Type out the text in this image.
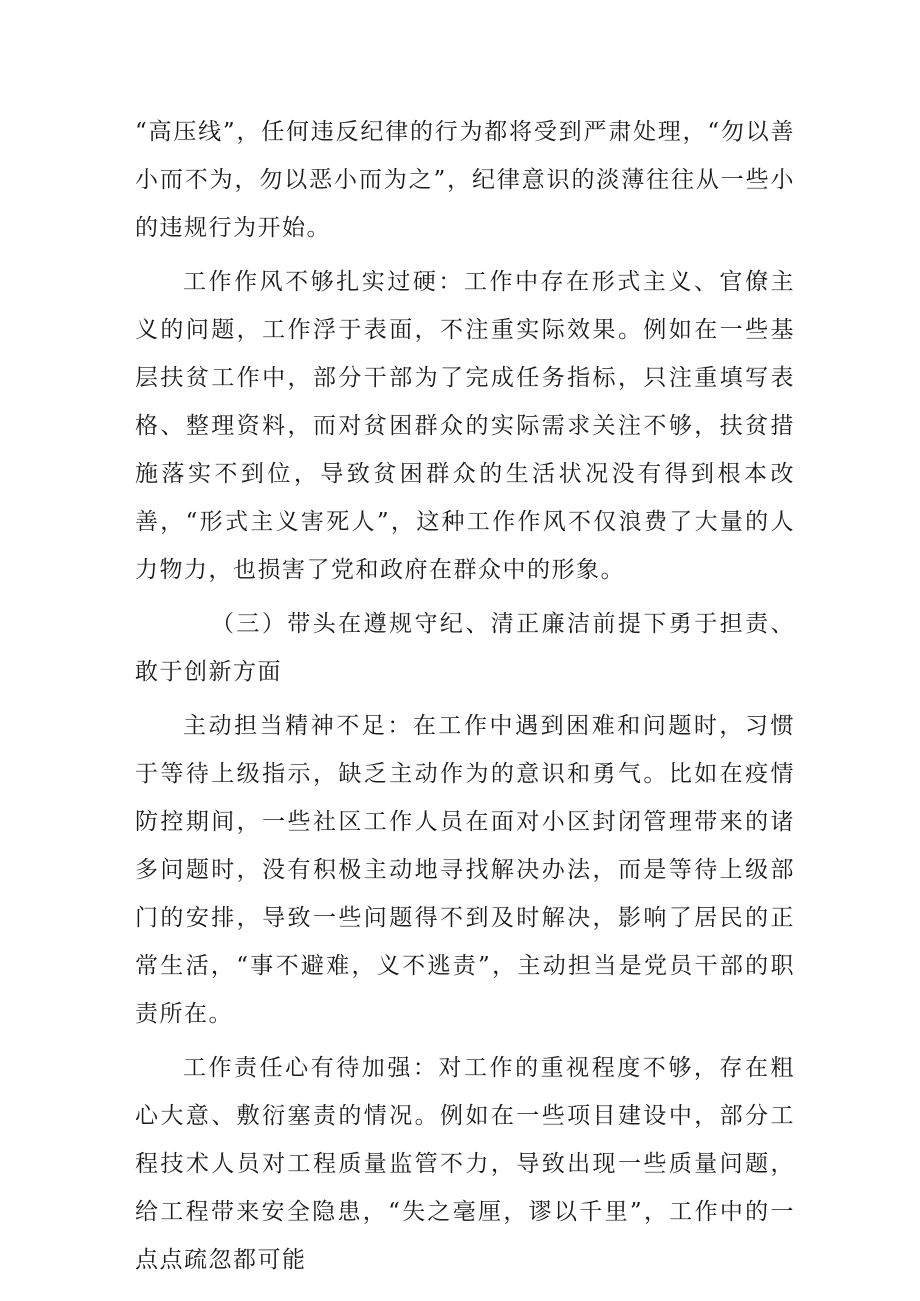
“高压线”，任何违反纪律的行为都将受到严肃处理，“勿以善小而不为，勿以恶小而为之”，纪律意识的淡薄往往从一些小的违规行为开始。

工作作风不够扎实过硬：工作中存在形式主义、官僚主义的问题，工作浮于表面，不注重实际效果。例如在一些基层扶贫工作中，部分干部为了完成任务指标，只注重填写表格、整理资料，而对贫困群众的实际需求关注不够，扶贫措施落实不到位，导致贫困群众的生活状况没有得到根本改善，“形式主义害死人”，这种工作作风不仅浪费了大量的人力物力，也损害了党和政府在群众中的形象。

（三）带头在遵规守纪、清正廉洁前提下勇于担责、敢于创新方面

主动担当精神不足：在工作中遇到困难和问题时，习惯于等待上级指示，缺乏主动作为的意识和勇气。比如在疫情防控期间，一些社区工作人员在面对小区封闭管理带来的诸多问题时，没有积极主动地寻找解决办法，而是等待上级部门的安排，导致一些问题得不到及时解决，影响了居民的正常生活，“事不避难，义不逃责”，主动担当是党员干部的职责所在。

工作责任心有待加强：对工作的重视程度不够，存在粗心大意、敷衍塞责的情况。例如在一些项目建设中，部分工程技术人员对工程质量监管不力，导致出现一些质量问题，给工程带来安全隐患，“失之毫厘，谬以千里”，工作中的一点点疏忽都可能
